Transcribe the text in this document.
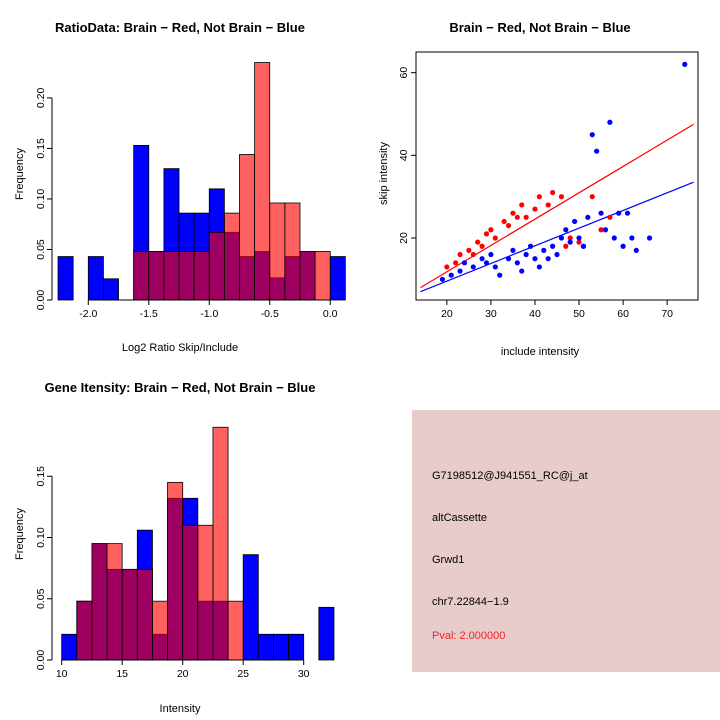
RatioData: Brain − Red, Not Brain − Blue
-2.0	-1.5	-1.0	-0.5	0.0
0.00
0.05
0.10
0.15
0.20
Log2 Ratio Skip/Include
Frequency
Brain − Red, Not Brain − Blue
20	30	40	50	60	70
20
40
60
include intensity
skip intensity
Gene Itensity: Brain − Red, Not Brain − Blue
10	15	20	25	30
0.00
0.05
0.10
0.15
Intensity
Frequency
G7198512@J941551_RC@j_at
altCassette
Grwd1
chr7.22844−1.9
Pval: 2.000000
